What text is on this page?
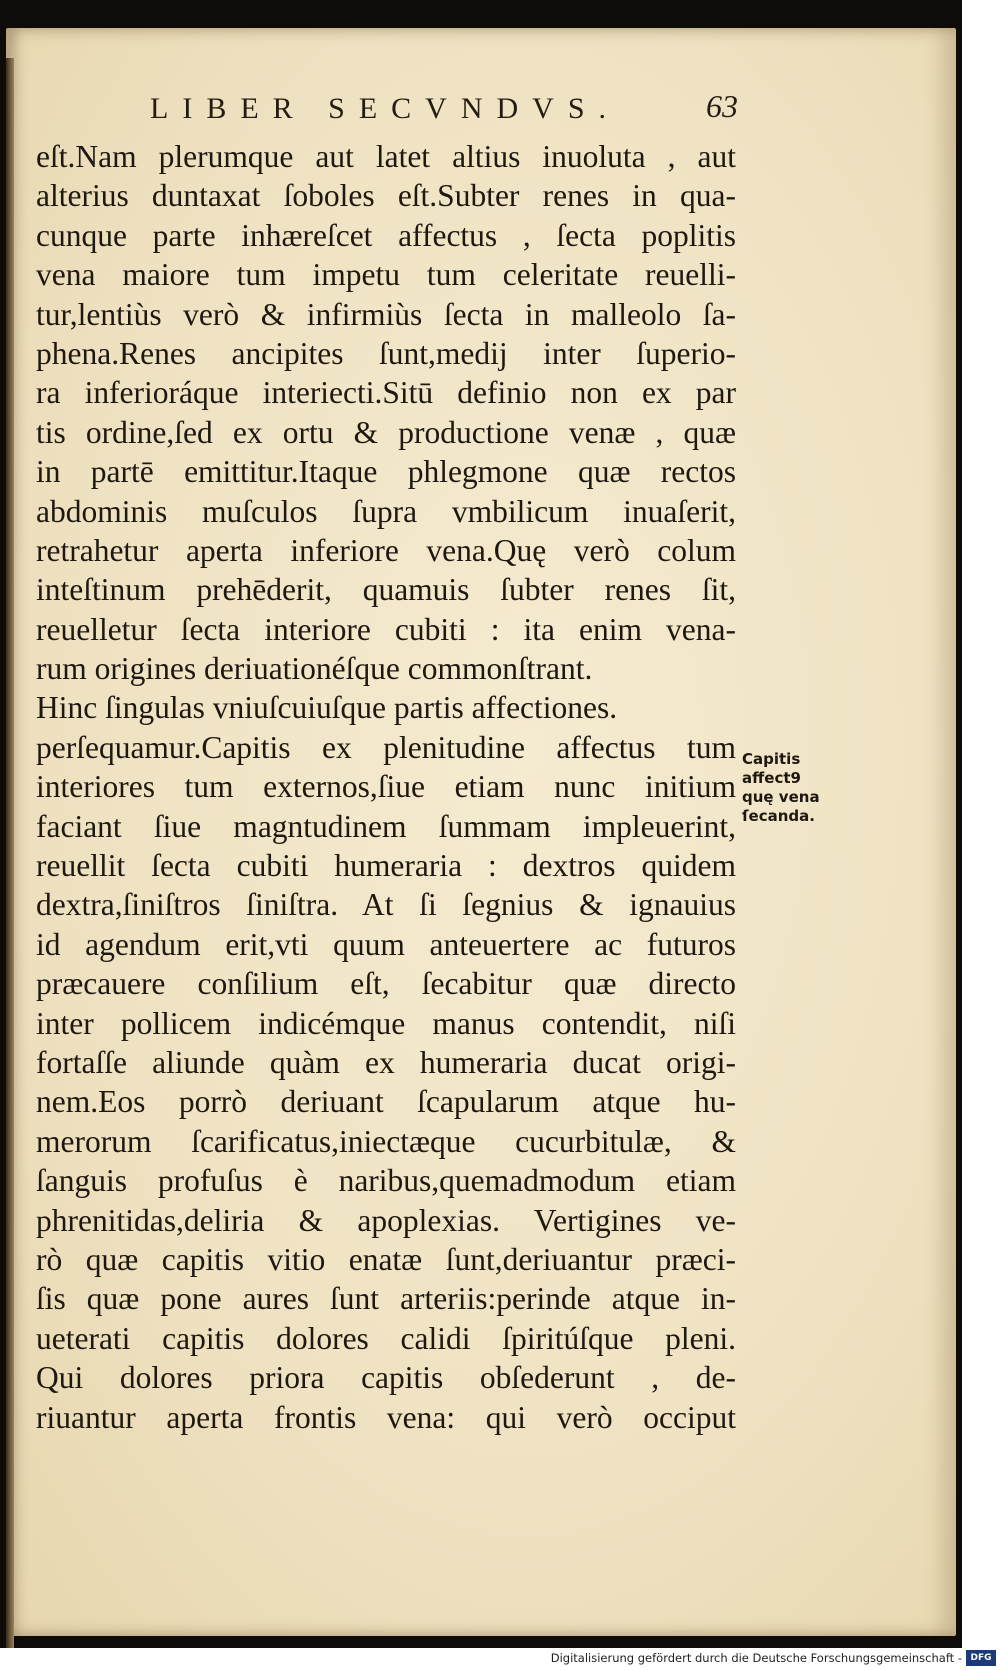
LIBER SECVNDVS.	63
eſt.Nam plerumque aut latet altius inuoluta , aut
alterius duntaxat ſoboles eſt.Subter renes in qua-
cunque parte inhæreſcet affectus , ſecta poplitis
vena maiore tum impetu tum celeritate reuelli-
tur,lentiùs verò & infirmiùs ſecta in malleolo ſa-
phena.Renes ancipites ſunt,medij inter ſuperio-
ra inferioráque interiecti.Sitū definio non ex par
tis ordine,ſed ex ortu & productione venæ , quæ
in partē emittitur.Itaque phlegmone quæ rectos
abdominis muſculos ſupra vmbilicum inuaſerit,
retrahetur aperta inferiore vena.Quę verò colum
inteſtinum prehēderit, quamuis ſubter renes ſit,
reuelletur ſecta interiore cubiti : ita enim vena-
rum origines deriuationéſque commonſtrant.
Hinc ſingulas vniuſcuiuſque partis affectiones.
perſequamur.Capitis ex plenitudine affectus tum
interiores tum externos,ſiue etiam nunc initium
faciant ſiue magntudinem ſummam impleuerint,
reuellit ſecta cubiti humeraria : dextros quidem
dextra,ſiniſtros ſiniſtra. At ſi ſegnius & ignauius
id agendum erit,vti quum anteuertere ac futuros
præcauere conſilium eſt, ſecabitur quæ directo
inter pollicem indicémque manus contendit, niſi
fortaſſe aliunde quàm ex humeraria ducat origi-
nem.Eos porrò deriuant ſcapularum atque hu-
merorum ſcarificatus,iniectæque cucurbitulæ, &
ſanguis profuſus è naribus,quemadmodum etiam
phrenitidas,deliria & apoplexias. Vertigines ve-
rò quæ capitis vitio enatæ ſunt,deriuantur præci-
ſis quæ pone aures ſunt arteriis:perinde atque in-
ueterati capitis dolores calidi ſpiritúſque pleni.
Qui dolores priora capitis obſederunt , de-
riuantur aperta frontis vena: qui verò occiput
Capitis
affect9
quę vena
ſecanda.
Digitalisierung gefördert durch die Deutsche Forschungsgemeinschaft - DFG
